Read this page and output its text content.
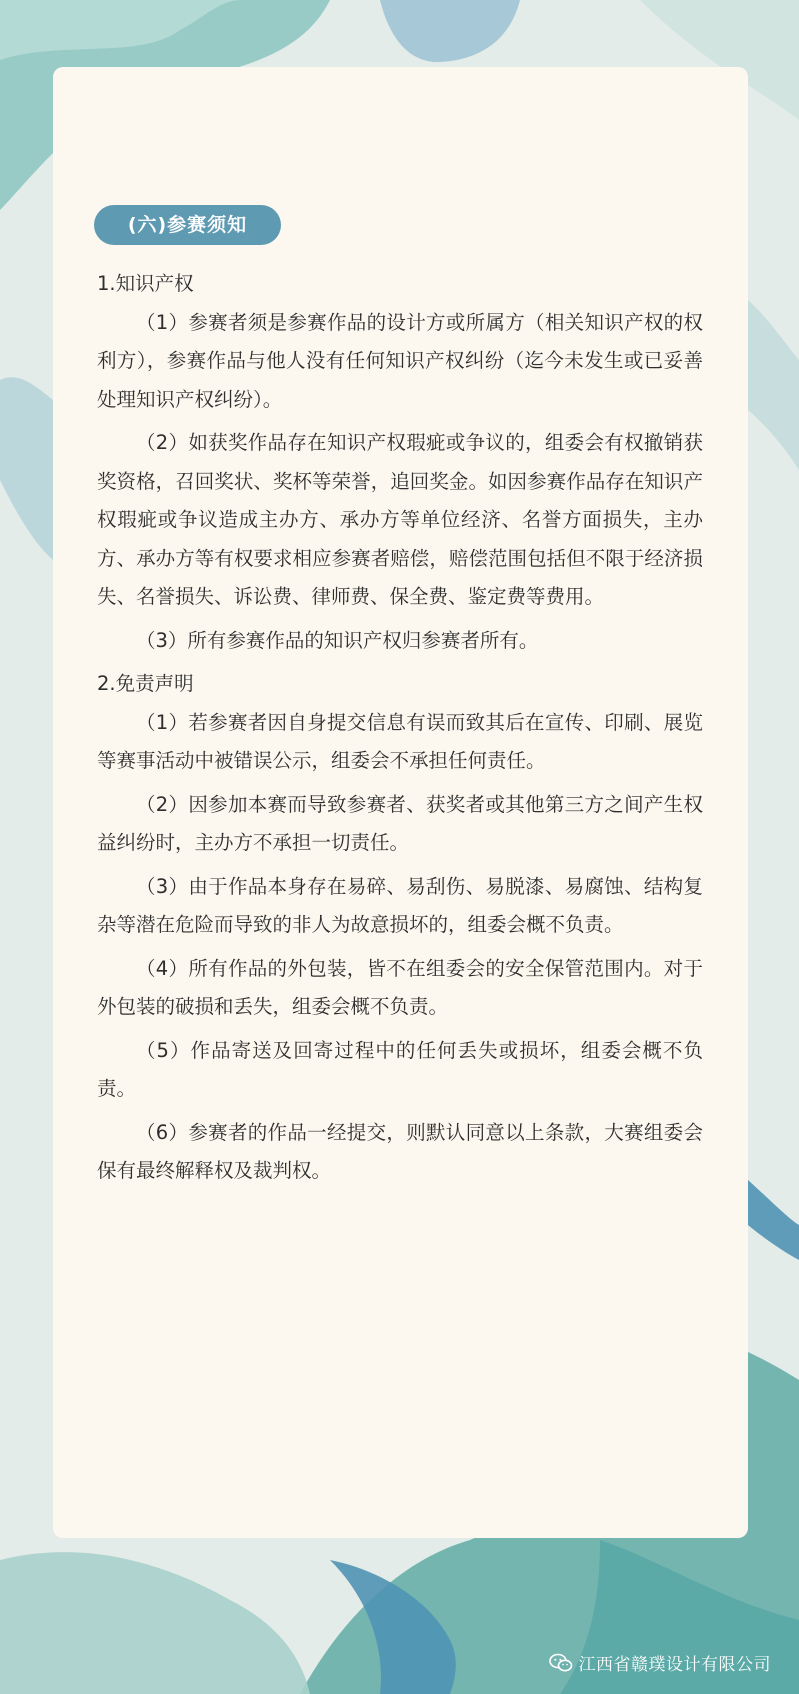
(六)参赛须知

1.知识产权

（1）参赛者须是参赛作品的设计方或所属方（相关知识产权的权利方），参赛作品与他人没有任何知识产权纠纷（迄今未发生或已妥善处理知识产权纠纷）。

（2）如获奖作品存在知识产权瑕疵或争议的，组委会有权撤销获奖资格，召回奖状、奖杯等荣誉，追回奖金。如因参赛作品存在知识产权瑕疵或争议造成主办方、承办方等单位经济、名誉方面损失，主办方、承办方等有权要求相应参赛者赔偿，赔偿范围包括但不限于经济损失、名誉损失、诉讼费、律师费、保全费、鉴定费等费用。

（3）所有参赛作品的知识产权归参赛者所有。

2.免责声明

（1）若参赛者因自身提交信息有误而致其后在宣传、印刷、展览等赛事活动中被错误公示，组委会不承担任何责任。

（2）因参加本赛而导致参赛者、获奖者或其他第三方之间产生权益纠纷时，主办方不承担一切责任。

（3）由于作品本身存在易碎、易刮伤、易脱漆、易腐蚀、结构复杂等潜在危险而导致的非人为故意损坏的，组委会概不负责。

（4）所有作品的外包装，皆不在组委会的安全保管范围内。对于外包装的破损和丢失，组委会概不负责。

（5）作品寄送及回寄过程中的任何丢失或损坏，组委会概不负责。

（6）参赛者的作品一经提交，则默认同意以上条款，大赛组委会保有最终解释权及裁判权。

江西省赣璞设计有限公司
